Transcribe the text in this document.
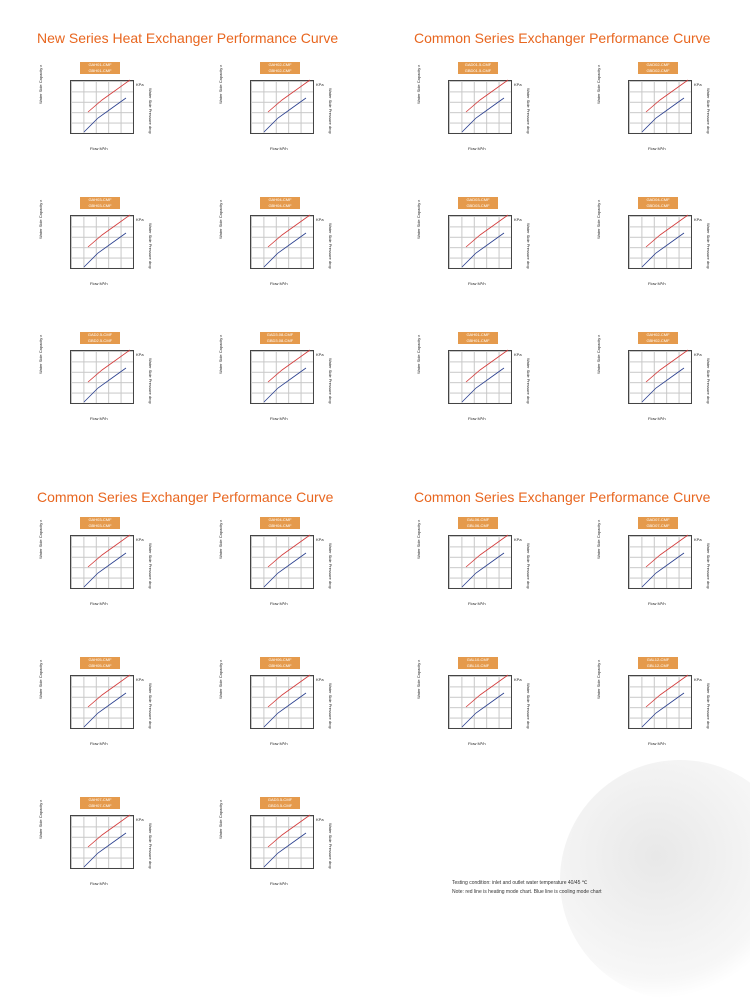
New Series Heat Exchanger Performance Curve	Common Series Exchanger Performance Curve
Common Series Exchanger Performance Curve	Common Series Exchanger Performance Curve
GAH01-CMF
GBH01-CMF
Water Side Capacity ε
Water Side Pressure drop
KPa
Flow M³/h
GAH02-CMF
GBH02-CMF
Water Side Capacity ε
Water Side Pressure drop
KPa
Flow M³/h
GAH03-CMF
GBH03-CMF
Water Side Capacity ε
Water Side Pressure drop
KPa
Flow M³/h
GAH04-CMF
GBH04-CMF
Water Side Capacity ε
Water Side Pressure drop
KPa
Flow M³/h
GAD2.5-CMF
GBD2.5-CMF
Water Side Capacity ε
Water Side Pressure drop
KPa
Flow M³/h
GAD3.08-CMF
GBD3.08-CMF
Water Side Capacity ε
Water Side Pressure drop
KPa
Flow M³/h
GAD01.5-CMF
GBD01.5-CMF
Water Side Capacity ε
Water Side Pressure drop
KPa
Flow M³/h
GAD02-CMF
GBD02-CMF
Water Side Capacity ε
Water Side Pressure drop
KPa
Flow M³/h
GAD03-CMF
GBD03-CMF
Water Side Capacity ε
Water Side Pressure drop
KPa
Flow M³/h
GAD04-CMF
GBD04-CMF
Water Side Capacity ε
Water Side Pressure drop
KPa
Flow M³/h
GAH01-CMF
GBH01-CMF
Water Side Capacity ε
Water Side Pressure drop
KPa
Flow M³/h
GAH02-CMF
GBH02-CMF
Water Side Capacity ε
Water Side Pressure drop
KPa
Flow M³/h
GAH03-CMF
GBH03-CMF
Water Side Capacity ε
Water Side Pressure drop
KPa
Flow M³/h
GAH04-CMF
GBH04-CMF
Water Side Capacity ε
Water Side Pressure drop
KPa
Flow M³/h
GAH05-CMF
GBH05-CMF
Water Side Capacity ε
Water Side Pressure drop
KPa
Flow M³/h
GAH06-CMF
GBH06-CMF
Water Side Capacity ε
Water Side Pressure drop
KPa
Flow M³/h
GAH07-CMF
GBH07-CMF
Water Side Capacity ε
Water Side Pressure drop
KPa
Flow M³/h
GAD3.5-CMF
GBD3.5-CMF
Water Side Capacity ε
Water Side Pressure drop
KPa
Flow M³/h
GAL06-CMF
GBL06-CMF
Water Side Capacity ε
Water Side Pressure drop
KPa
Flow M³/h
GAD07-CMF
GBD07-CMF
Water Side Capacity ε
Water Side Pressure drop
KPa
Flow M³/h
GAL10-CMF
GBL10-CMF
Water Side Capacity ε
Water Side Pressure drop
KPa
Flow M³/h
GAL12-CMF
GBL12-CMF
Water Side Capacity ε
Water Side Pressure drop
KPa
Flow M³/h
Testing condition: inlet and outlet water temperature 40/45 ℃
Note: red line is heating mode chart. Blue line is cooling mode chart
